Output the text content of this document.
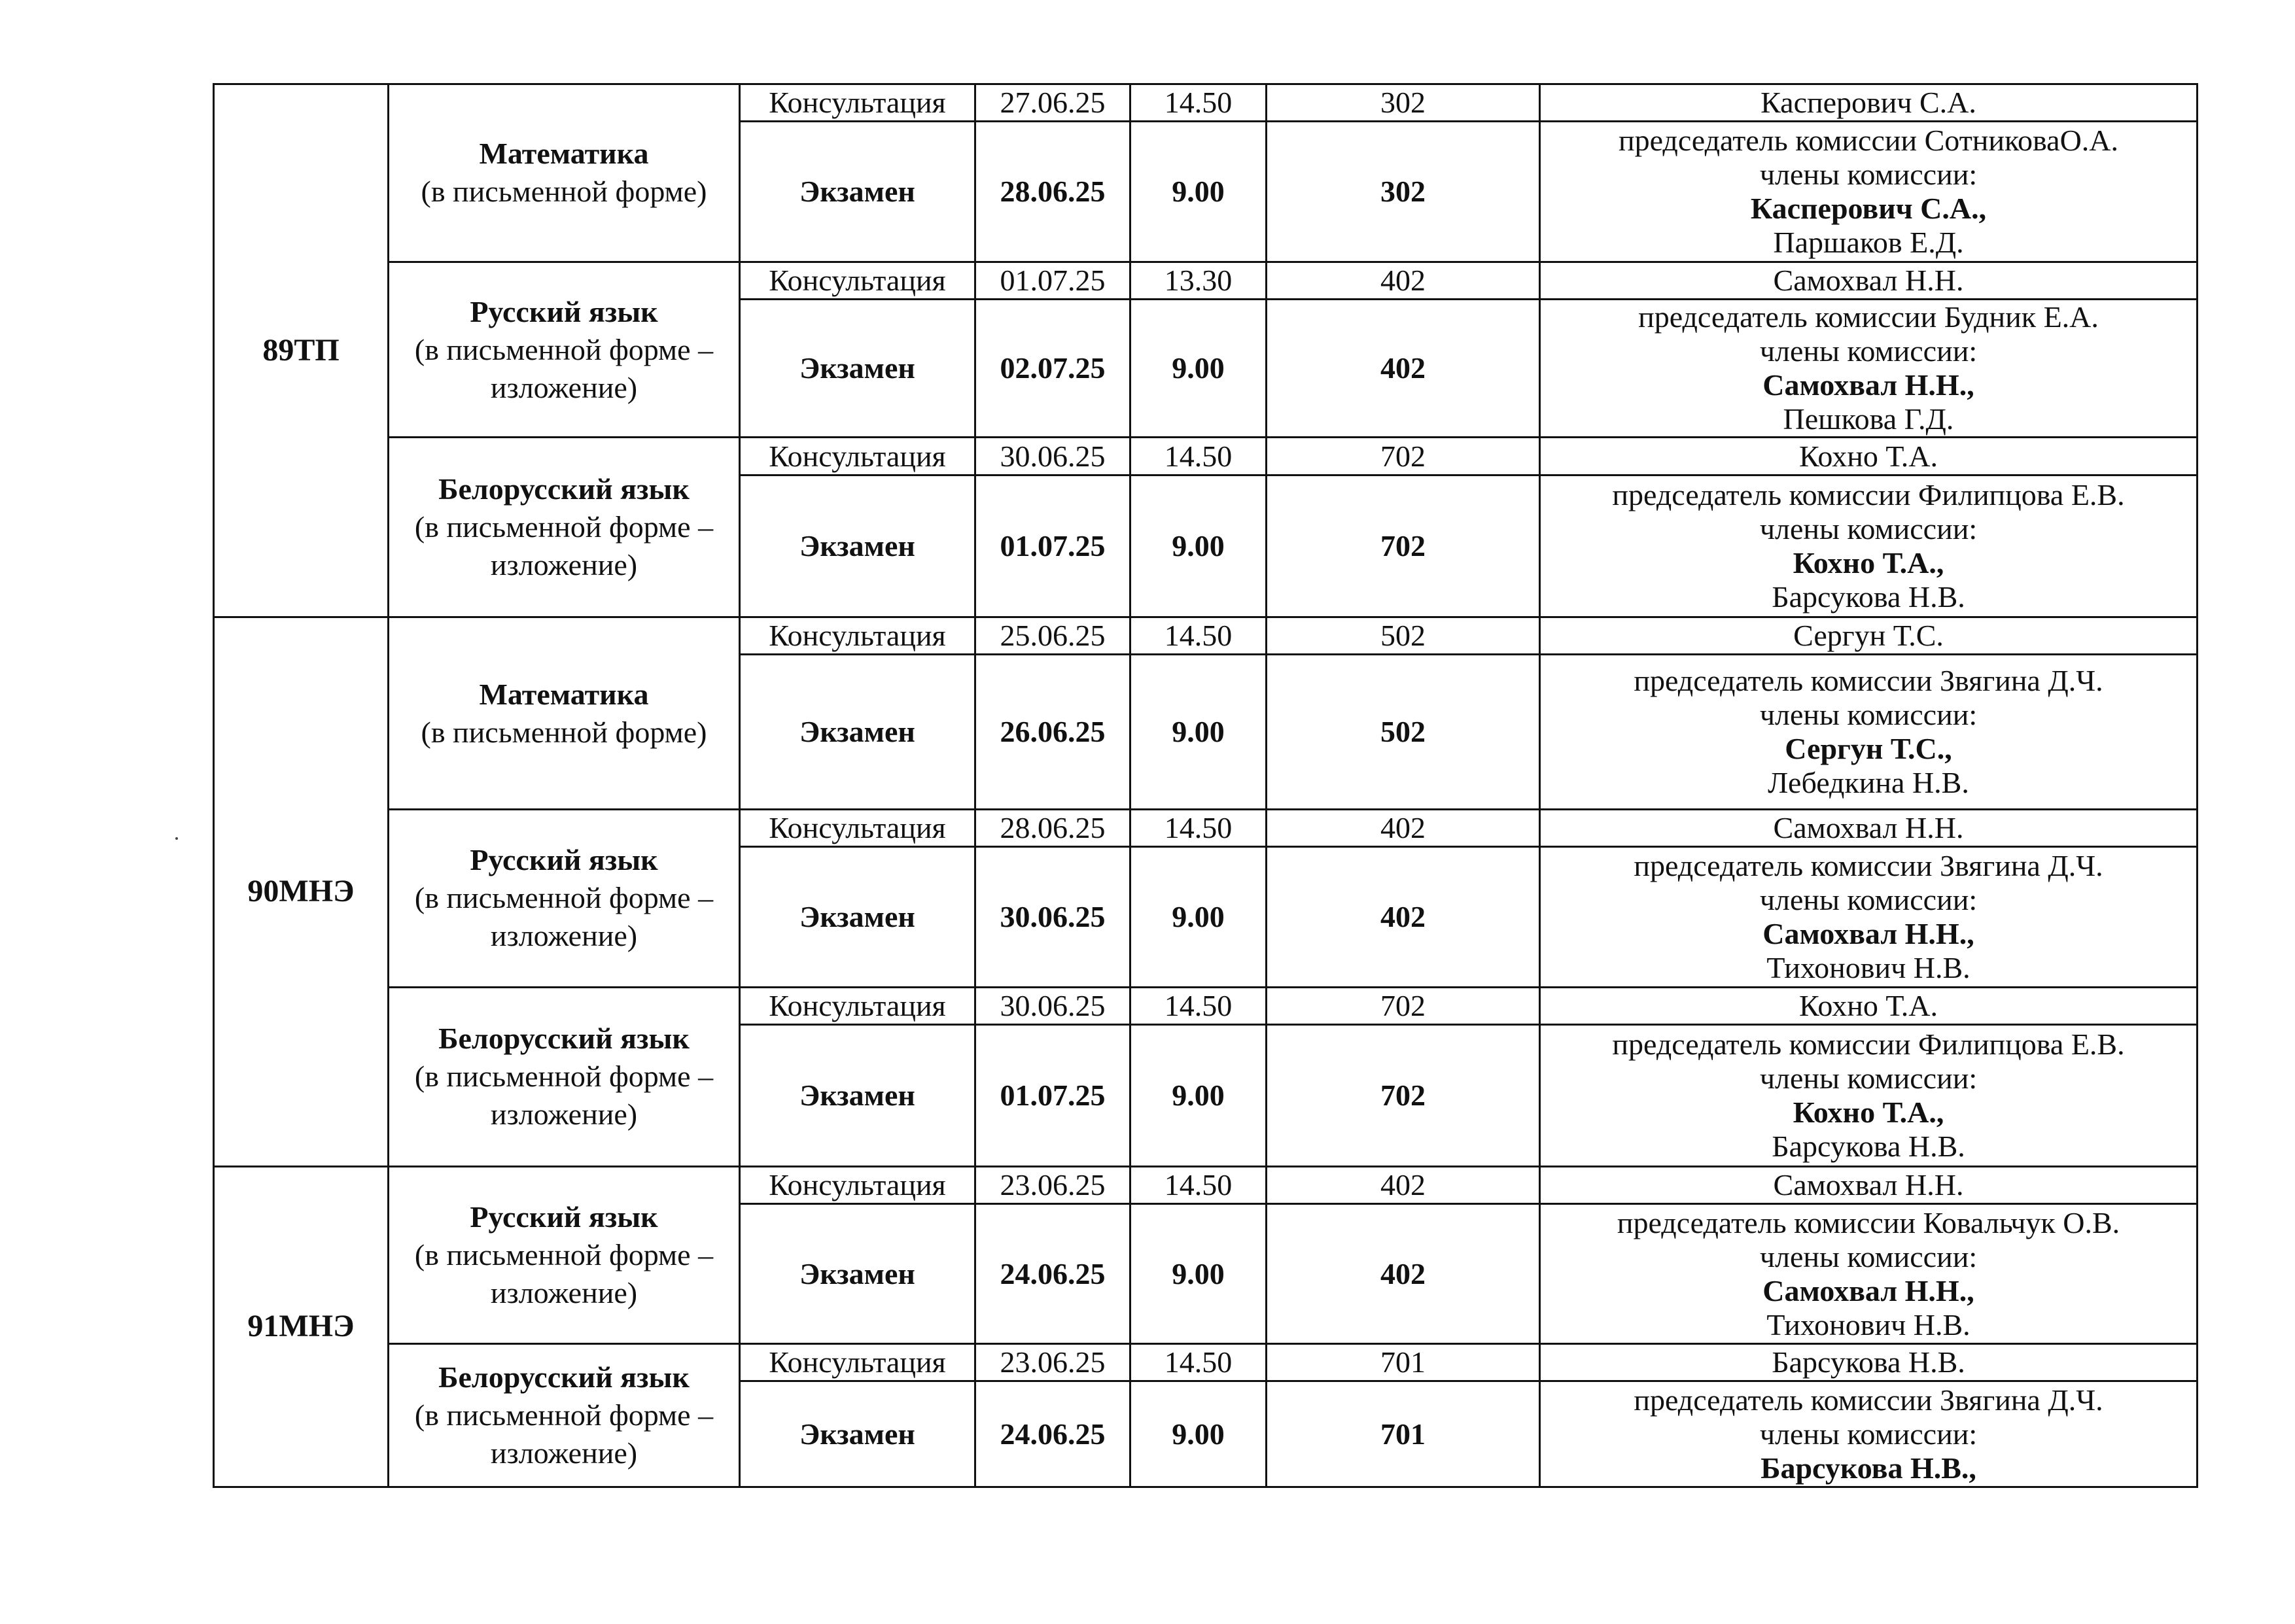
89ТП	Математика
(в письменной форме)	Консультация	27.06.25	14.50	302	Касперович С.А.
		Экзамен	28.06.25	9.00	302	председатель комиссии СотниковаО.А.
члены комиссии:
Касперович С.А.,
Паршаков Е.Д.

	Русский язык
(в письменной форме – изложение)	Консультация	01.07.25	13.30	402	Самохвал Н.Н.
		Экзамен	02.07.25	9.00	402	председатель комиссии Будник Е.А.
члены комиссии:
Самохвал Н.Н.,
Пешкова Г.Д.

	Белорусский язык
(в письменной форме – изложение)	Консультация	30.06.25	14.50	702	Кохно Т.А.
		Экзамен	01.07.25	9.00	702	председатель комиссии Филипцова Е.В.
члены комиссии:
Кохно Т.А.,
Барсукова Н.В.

90МНЭ	Математика
(в письменной форме)	Консультация	25.06.25	14.50	502	Сергун Т.С.
		Экзамен	26.06.25	9.00	502	председатель комиссии Звягина Д.Ч.
члены комиссии:
Сергун Т.С.,
Лебедкина Н.В.

	Русский язык
(в письменной форме – изложение)	Консультация	28.06.25	14.50	402	Самохвал Н.Н.
		Экзамен	30.06.25	9.00	402	председатель комиссии Звягина Д.Ч.
члены комиссии:
Самохвал Н.Н.,
Тихонович Н.В.

	Белорусский язык
(в письменной форме – изложение)	Консультация	30.06.25	14.50	702	Кохно Т.А.
		Экзамен	01.07.25	9.00	702	председатель комиссии Филипцова Е.В.
члены комиссии:
Кохно Т.А.,
Барсукова Н.В.

91МНЭ	Русский язык
(в письменной форме – изложение)	Консультация	23.06.25	14.50	402	Самохвал Н.Н.
		Экзамен	24.06.25	9.00	402	председатель комиссии Ковальчук О.В.
члены комиссии:
Самохвал Н.Н.,
Тихонович Н.В.

	Белорусский язык
(в письменной форме – изложение)	Консультация	23.06.25	14.50	701	Барсукова Н.В.
		Экзамен	24.06.25	9.00	701	председатель комиссии Звягина Д.Ч.
члены комиссии:
Барсукова Н.В.,
